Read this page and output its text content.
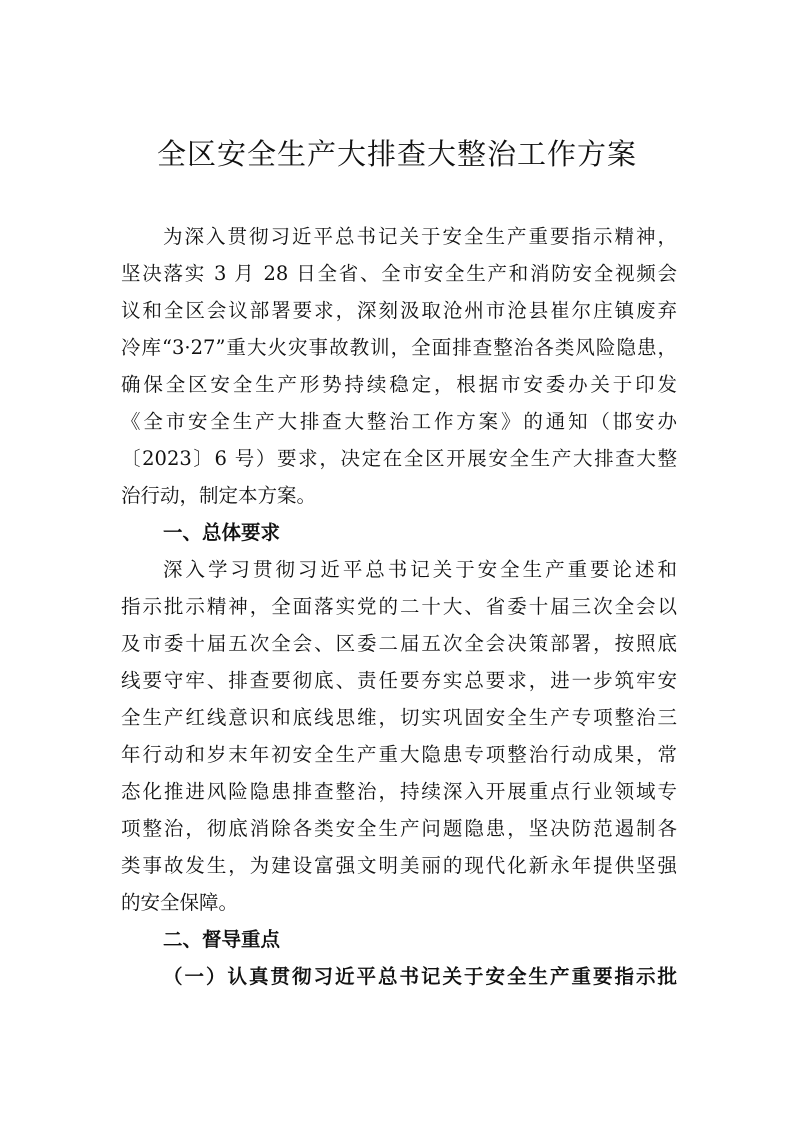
全区安全生产大排查大整治工作方案
为深入贯彻习近平总书记关于安全生产重要指示精神，
坚决落实 3 月 28 日全省、全市安全生产和消防安全视频会
议和全区会议部署要求，深刻汲取沧州市沧县崔尔庄镇废弃
冷库“3·27”重大火灾事故教训，全面排查整治各类风险隐患，
确保全区安全生产形势持续稳定，根据市安委办关于印发
《全市安全生产大排查大整治工作方案》的通知（邯安办
〔2023〕6 号）要求，决定在全区开展安全生产大排查大整
治行动，制定本方案。
一、总体要求
深入学习贯彻习近平总书记关于安全生产重要论述和
指示批示精神，全面落实党的二十大、省委十届三次全会以
及市委十届五次全会、区委二届五次全会决策部署，按照底
线要守牢、排查要彻底、责任要夯实总要求，进一步筑牢安
全生产红线意识和底线思维，切实巩固安全生产专项整治三
年行动和岁末年初安全生产重大隐患专项整治行动成果，常
态化推进风险隐患排查整治，持续深入开展重点行业领域专
项整治，彻底消除各类安全生产问题隐患，坚决防范遏制各
类事故发生，为建设富强文明美丽的现代化新永年提供坚强
的安全保障。
二、督导重点
（一）认真贯彻习近平总书记关于安全生产重要指示批
